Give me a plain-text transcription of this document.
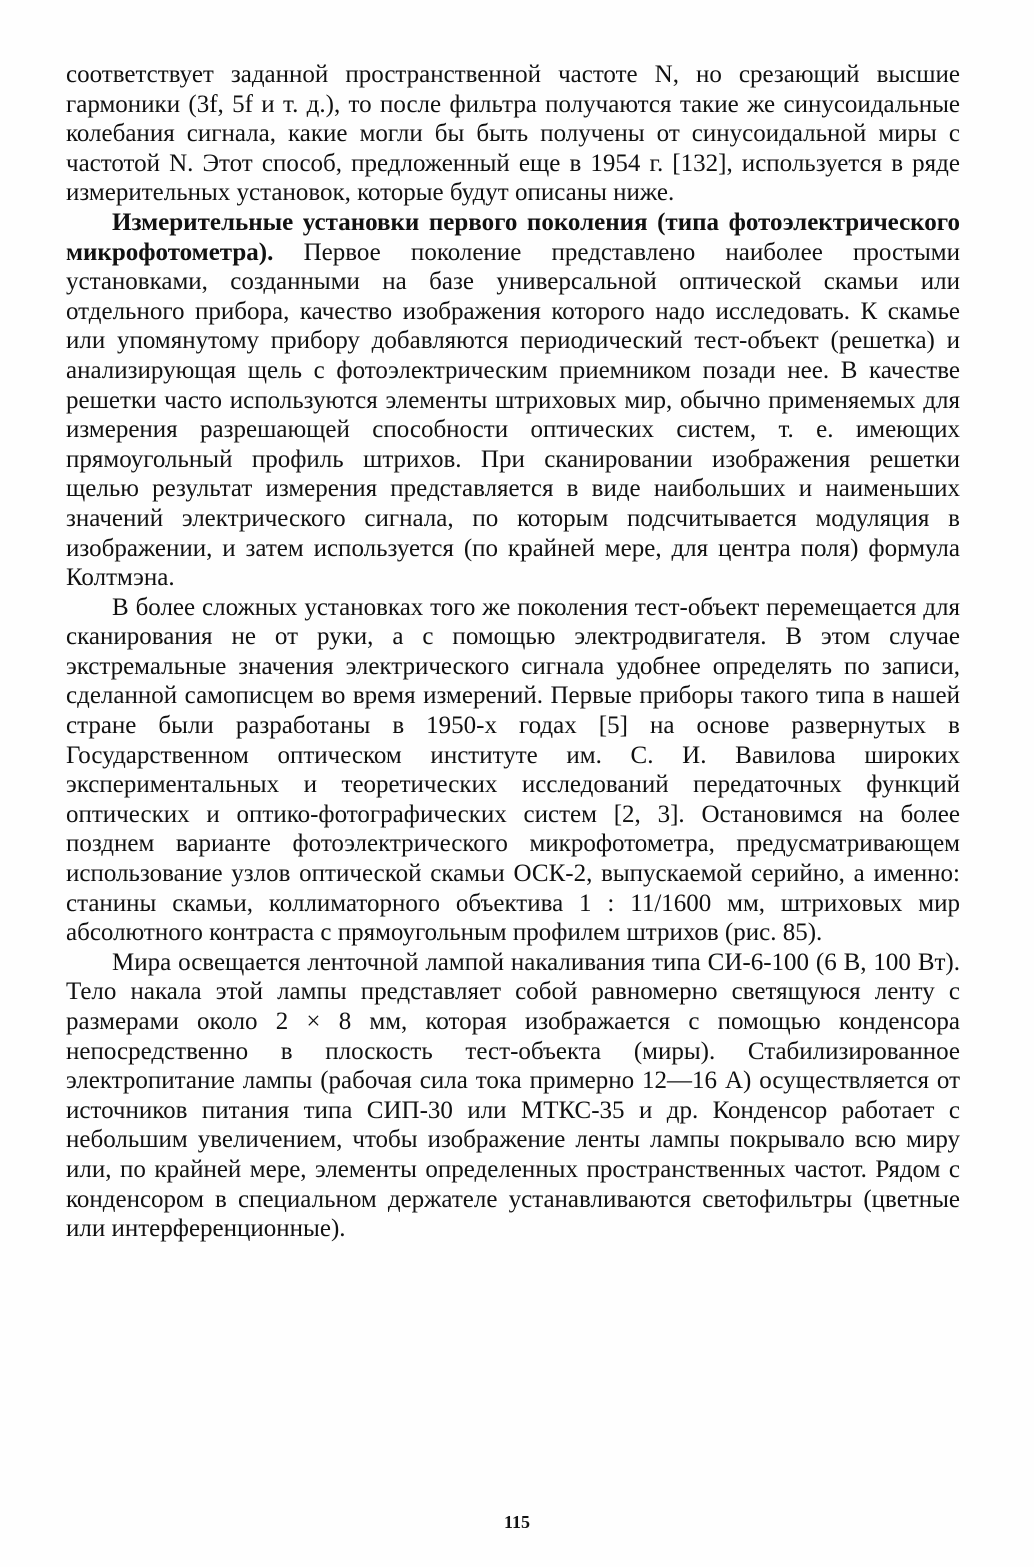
соответствует заданной пространственной частоте N, но срезающий высшие гармоники (3f, 5f и т. д.), то после фильтра получаются такие же синусоидальные колебания сигнала, какие могли бы быть получены от синусоидальной миры с частотой N. Этот способ, предложенный еще в 1954 г. [132], используется в ряде измерительных установок, которые будут описаны ниже.

Измерительные установки первого поколения (типа фотоэлектрического микрофотометра). Первое поколение представлено наиболее простыми установками, созданными на базе универсальной оптической скамьи или отдельного прибора, качество изображения которого надо исследовать. К скамье или упомянутому прибору добавляются периодический тест-объект (решетка) и анализирующая щель с фотоэлектрическим приемником позади нее. В качестве решетки часто используются элементы штриховых мир, обычно применяемых для измерения разрешающей способности оптических систем, т. е. имеющих прямоугольный профиль штрихов. При сканировании изображения решетки щелью результат измерения представляется в виде наибольших и наименьших значений электрического сигнала, по которым подсчитывается модуляция в изображении, и затем используется (по крайней мере, для центра поля) формула Колтмэна.

В более сложных установках того же поколения тест-объект перемещается для сканирования не от руки, а с помощью электродвигателя. В этом случае экстремальные значения электрического сигнала удобнее определять по записи, сделанной самописцем во время измерений. Первые приборы такого типа в нашей стране были разработаны в 1950-х годах [5] на основе развернутых в Государственном оптическом институте им. С. И. Вавилова широких экспериментальных и теоретических исследований передаточных функций оптических и оптико-фотографических систем [2, 3]. Остановимся на более позднем варианте фотоэлектрического микрофотометра, предусматривающем использование узлов оптической скамьи ОСК-2, выпускаемой серийно, а именно: станины скамьи, коллиматорного объектива 1 : 11/1600 мм, штриховых мир абсолютного контраста с прямоугольным профилем штрихов (рис. 85).

Мира освещается ленточной лампой накаливания типа СИ-6-100 (6 В, 100 Вт). Тело накала этой лампы представляет собой равномерно светящуюся ленту с размерами около 2 × 8 мм, которая изображается с помощью конденсора непосредственно в плоскость тест-объекта (миры). Стабилизированное электропитание лампы (рабочая сила тока примерно 12—16 А) осуществляется от источников питания типа СИП-30 или МТКС-35 и др. Конденсор работает с небольшим увеличением, чтобы изображение ленты лампы покрывало всю миру или, по крайней мере, элементы определенных пространственных частот. Рядом с конденсором в специальном держателе устанавливаются светофильтры (цветные или интерференционные).

115
